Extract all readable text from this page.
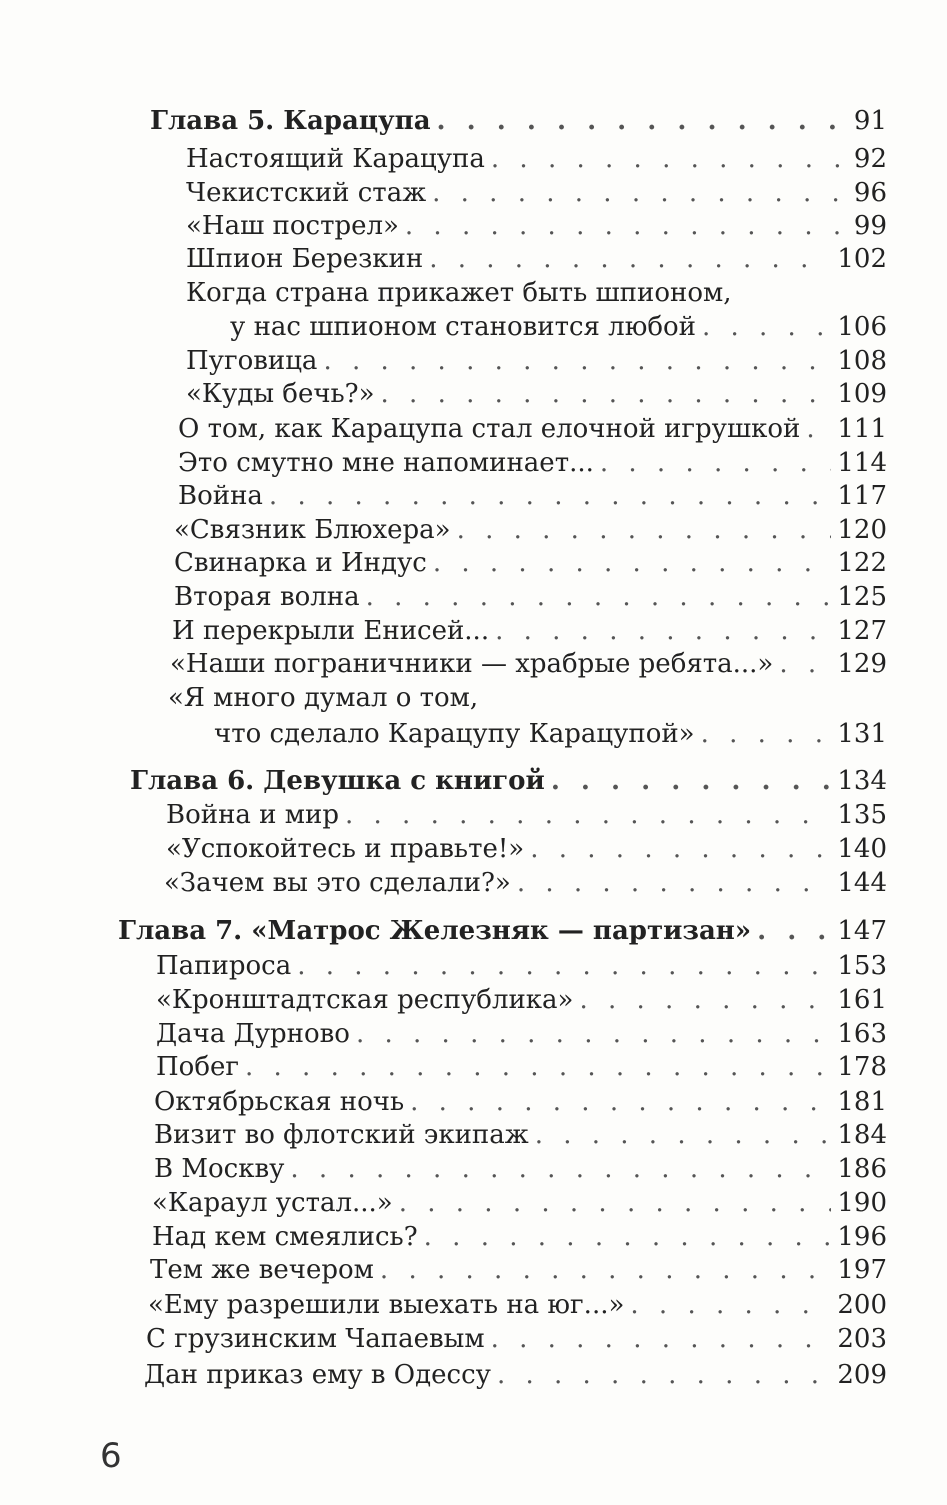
Глава 5. Карацупа . . .	91
Настоящий Карацупа . . .	92
Чекистский стаж . . .	96
«Наш пострел» . . .	99
Шпион Березкин . . .	102
Когда страна прикажет быть шпионом,
у нас шпионом становится любой . . .	106
Пуговица . . .	108
«Куды бечь?» . . .	109
О том, как Карацупа стал елочной игрушкой . . . 111
Это смутно мне напоминает... . . .	114
Война . . .	117
«Связник Блюхера» . . .	120
Свинарка и Индус . . .	122
Вторая волна . . .	125
И перекрыли Енисей... . . .	127
«Наши пограничники — храбрые ребята...» . . . 129
«Я много думал о том,
что сделало Карацупу Карацупой» . . .	131
Глава 6. Девушка с книгой . . .	134
Война и мир . . .	135
«Успокойтесь и правьте!» . . .	140
«Зачем вы это сделали?» . . .	144
Глава 7. «Матрос Железняк — партизан» . . .	147
Папироса . . .	153
«Кронштадтская республика» . . .	161
Дача Дурново . . .	163
Побег . . .	178
Октябрьская ночь . . .	181
Визит во флотский экипаж . . .	184
В Москву . . .	186
«Караул устал...» . . .	190
Над кем смеялись? . . .	196
Тем же вечером . . .	197
«Ему разрешили выехать на юг...» . . .	200
С грузинским Чапаевым . . .	203
Дан приказ ему в Одессу . . .	209
6
